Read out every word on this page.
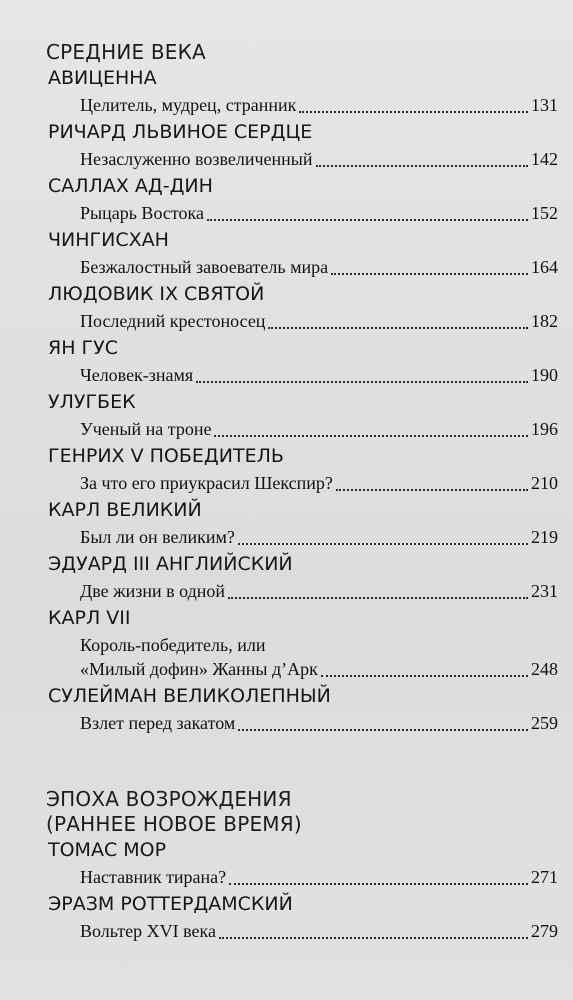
СРЕДНИЕ ВЕКА
АВИЦЕННА
Целитель, мудрец, странник	131
РИЧАРД ЛЬВИНОЕ СЕРДЦЕ
Незаслуженно возвеличенный	142
САЛЛАХ АД-ДИН
Рыцарь Востока	152
ЧИНГИСХАН
Безжалостный завоеватель мира	164
ЛЮДОВИК IX СВЯТОЙ
Последний крестоносец	182
ЯН ГУС
Человек-знамя	190
УЛУГБЕК
Ученый на троне	196
ГЕНРИХ V ПОБЕДИТЕЛЬ
За что его приукрасил Шекспир?	210
КАРЛ ВЕЛИКИЙ
Был ли он великим?	219
ЭДУАРД III АНГЛИЙСКИЙ
Две жизни в одной	231
КАРЛ VII
Король-победитель, или
«Милый дофин» Жанны д’Арк	248
СУЛЕЙМАН ВЕЛИКОЛЕПНЫЙ
Взлет перед закатом	259
ЭПОХА ВОЗРОЖДЕНИЯ
(РАННЕЕ НОВОЕ ВРЕМЯ)
ТОМАС МОР
Наставник тирана?	271
ЭРАЗМ РОТТЕРДАМСКИЙ
Вольтер XVI века	279
